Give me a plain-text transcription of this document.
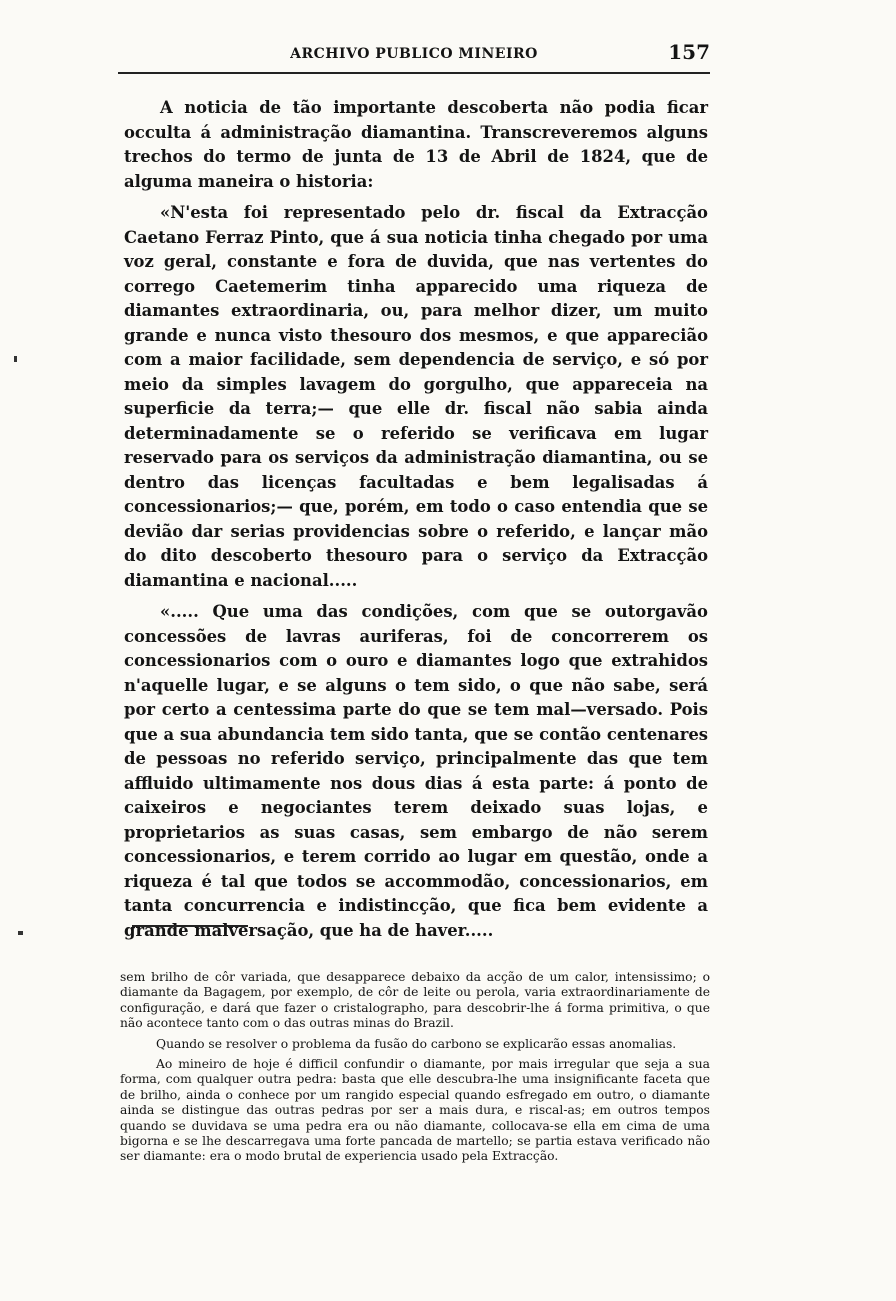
ARCHIVO PUBLICO MINEIRO	157

A noticia de tão importante descoberta não podia ficar occulta á administração diamantina. Transcreveremos alguns trechos do termo de junta de 13 de Abril de 1824, que de alguma maneira o historia:

«N'esta foi representado pelo dr. fiscal da Extracção Caetano Ferraz Pinto, que á sua noticia tinha chegado por uma voz geral, constante e fora de duvida, que nas vertentes do corrego Caetemerim tinha apparecido uma riqueza de diamantes extraordinaria, ou, para melhor dizer, um muito grande e nunca visto thesouro dos mesmos, e que apparecião com a maior facilidade, sem dependencia de serviço, e só por meio da simples lavagem do gorgulho, que appareceia na superficie da terra;— que elle dr. fiscal não sabia ainda determinadamente se o referido se verificava em lugar reservado para os serviços da administração diamantina, ou se dentro das licenças facultadas e bem legalisadas á concessionarios;— que, porém, em todo o caso entendia que se devião dar serias providencias sobre o referido, e lançar mão do dito descoberto thesouro para o serviço da Extracção diamantina e nacional.....

«..... Que uma das condições, com que se outorgavão concessões de lavras auriferas, foi de concorrerem os concessionarios com o ouro e diamantes logo que extrahidos n'aquelle lugar, e se alguns o tem sido, o que não sabe, será por certo a centessima parte do que se tem mal—versado. Pois que a sua abundancia tem sido tanta, que se contão centenares de pessoas no referido serviço, principalmente das que tem affluido ultimamente nos dous dias á esta parte: á ponto de caixeiros e negociantes terem deixado suas lojas, e proprietarios as suas casas, sem embargo de não serem concessionarios, e terem corrido ao lugar em questão, onde a riqueza é tal que todos se accommodão, concessionarios, em tanta concurrencia e indistincção, que fica bem evidente a grande malversação, que ha de haver.....

sem brilho de côr variada, que desapparece debaixo da acção de um calor, intensissimo; o diamante da Bagagem, por exemplo, de côr de leite ou perola, varia extraordinariamente de configuração, e dará que fazer o cristalographo, para descobrir-lhe á forma primitiva, o que não acontece tanto com o das outras minas do Brazil.

Quando se resolver o problema da fusão do carbono se explicarão essas anomalias.

Ao mineiro de hoje é difficil confundir o diamante, por mais irregular que seja a sua forma, com qualquer outra pedra: basta que elle descubra-lhe uma insignificante faceta que de brilho, ainda o conhece por um rangido especial quando esfregado em outro, o diamante ainda se distingue das outras pedras por ser a mais dura, e riscal-as; em outros tempos quando se duvidava se uma pedra era ou não diamante, collocava-se ella em cima de uma bigorna e se lhe descarregava uma forte pancada de martello; se partia estava verificado não ser diamante: era o modo brutal de experiencia usado pela Extracção.
